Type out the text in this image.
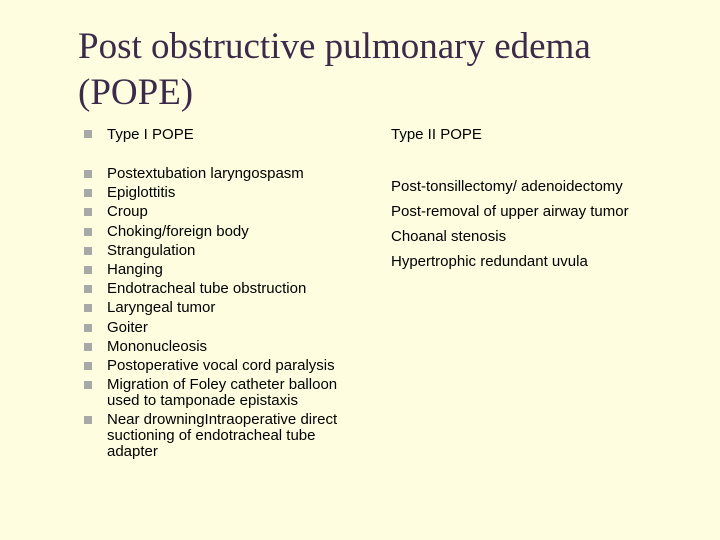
Post obstructive pulmonary edema (POPE)
Type I POPE
Postextubation laryngospasm
Epiglottitis
Croup
Choking/foreign body
Strangulation
Hanging
Endotracheal tube obstruction
Laryngeal tumor
Goiter
Mononucleosis
Postoperative vocal cord paralysis
Migration of Foley catheter balloon used to tamponade epistaxis
Near drowningIntraoperative direct suctioning of endotracheal tube adapter

Type II POPE

Post-tonsillectomy/ adenoidectomy

Post-removal of upper airway tumor

Choanal stenosis

Hypertrophic redundant uvula
